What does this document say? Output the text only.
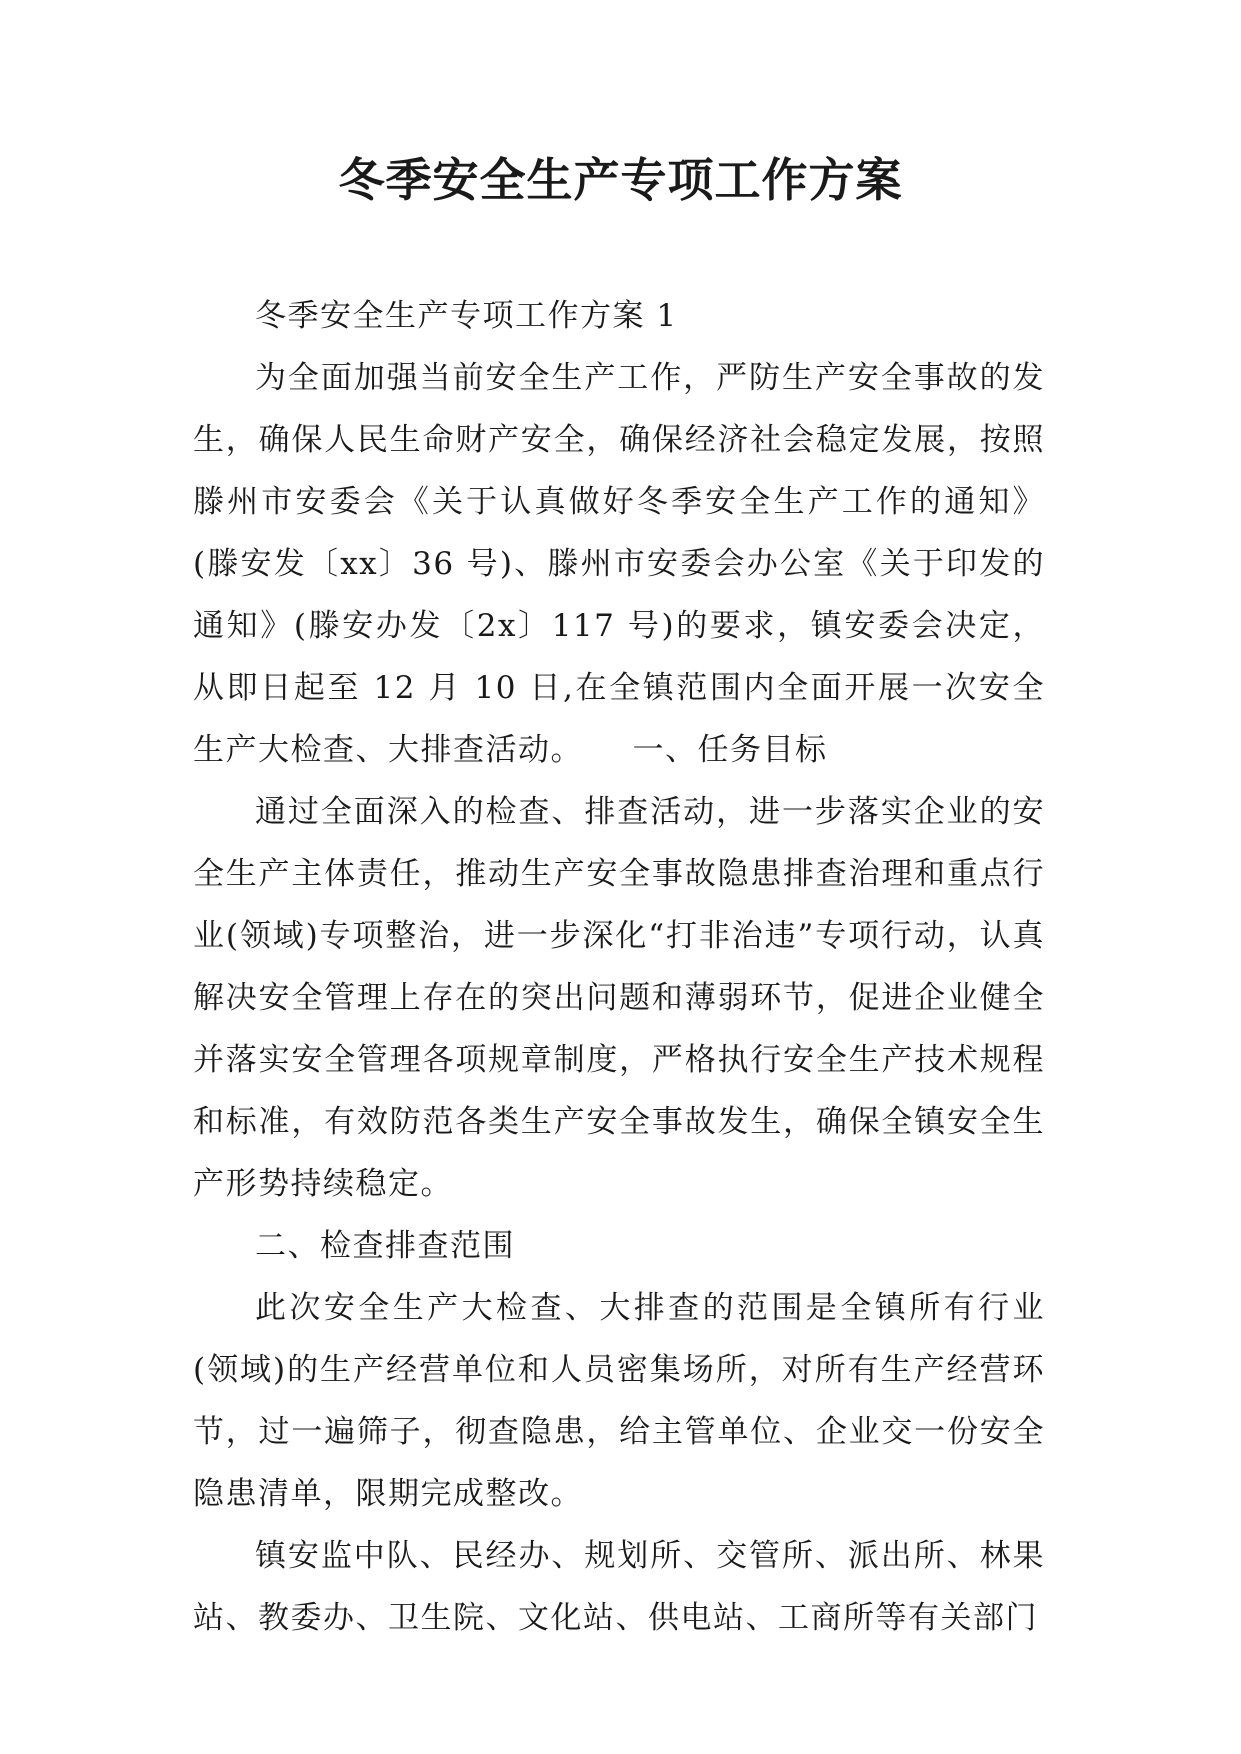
冬季安全生产专项工作方案

冬季安全生产专项工作方案 1

为全面加强当前安全生产工作，严防生产安全事故的发生，确保人民生命财产安全，确保经济社会稳定发展，按照滕州市安委会《关于认真做好冬季安全生产工作的通知》(滕安发〔xx〕36 号)、滕州市安委会办公室《关于印发的通知》(滕安办发〔2x〕117 号)的要求，镇安委会决定，从即日起至 12 月 10 日,在全镇范围内全面开展一次安全生产大检查、大排查活动。　　一、任务目标

通过全面深入的检查、排查活动，进一步落实企业的安全生产主体责任，推动生产安全事故隐患排查治理和重点行业(领域)专项整治，进一步深化“打非治违”专项行动，认真解决安全管理上存在的突出问题和薄弱环节，促进企业健全并落实安全管理各项规章制度，严格执行安全生产技术规程和标准，有效防范各类生产安全事故发生，确保全镇安全生产形势持续稳定。

二、检查排查范围

此次安全生产大检查、大排查的范围是全镇所有行业(领域)的生产经营单位和人员密集场所，对所有生产经营环节，过一遍筛子，彻查隐患，给主管单位、企业交一份安全隐患清单，限期完成整改。

镇安监中队、民经办、规划所、交管所、派出所、林果站、教委办、卫生院、文化站、供电站、工商所等有关部门
